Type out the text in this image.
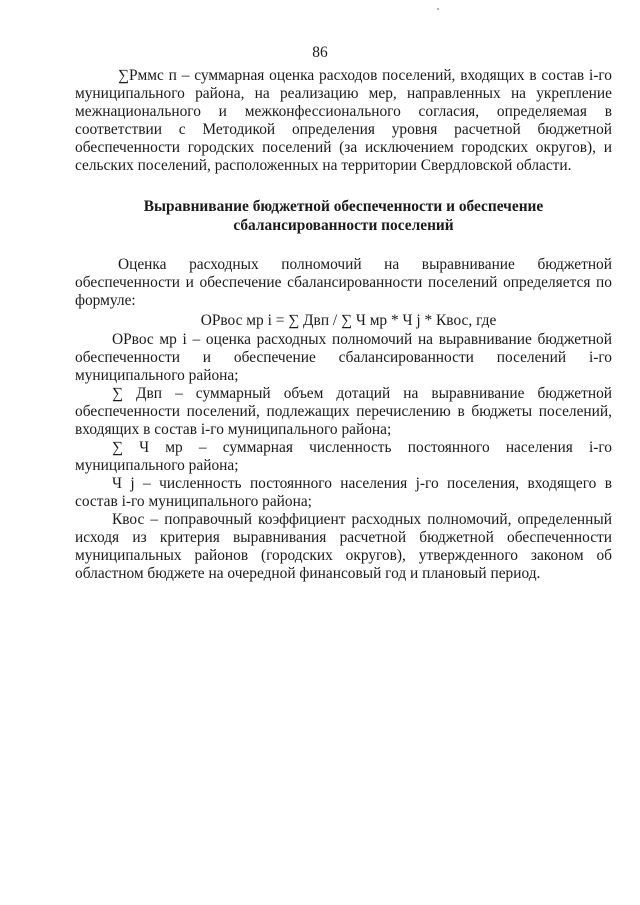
86

∑Рммс п – суммарная оценка расходов поселений, входящих в состав i-го муниципального района, на реализацию мер, направленных на укрепление межнационального и межконфессионального согласия, определяемая в соответствии с Методикой определения уровня расчетной бюджетной обеспеченности городских поселений (за исключением городских округов), и сельских поселений, расположенных на территории Свердловской области.

Выравнивание бюджетной обеспеченности и обеспечение
сбалансированности поселений

Оценка расходных полномочий на выравнивание бюджетной обеспеченности и обеспечение сбалансированности поселений определяется по формуле:

ОРвос мр i = ∑ Двп / ∑ Ч мр * Ч j * Квос, где

ОРвос мр i – оценка расходных полномочий на выравнивание бюджетной обеспеченности и обеспечение сбалансированности поселений i-го муниципального района;

∑ Двп – суммарный объем дотаций на выравнивание бюджетной обеспеченности поселений, подлежащих перечислению в бюджеты поселений, входящих в состав i-го муниципального района;

∑ Ч мр – суммарная численность постоянного населения i-го муниципального района;

Ч j – численность постоянного населения j-го поселения, входящего в состав i-го муниципального района;

Квос – поправочный коэффициент расходных полномочий, определенный исходя из критерия выравнивания расчетной бюджетной обеспеченности муниципальных районов (городских округов), утвержденного законом об областном бюджете на очередной финансовый год и плановый период.
